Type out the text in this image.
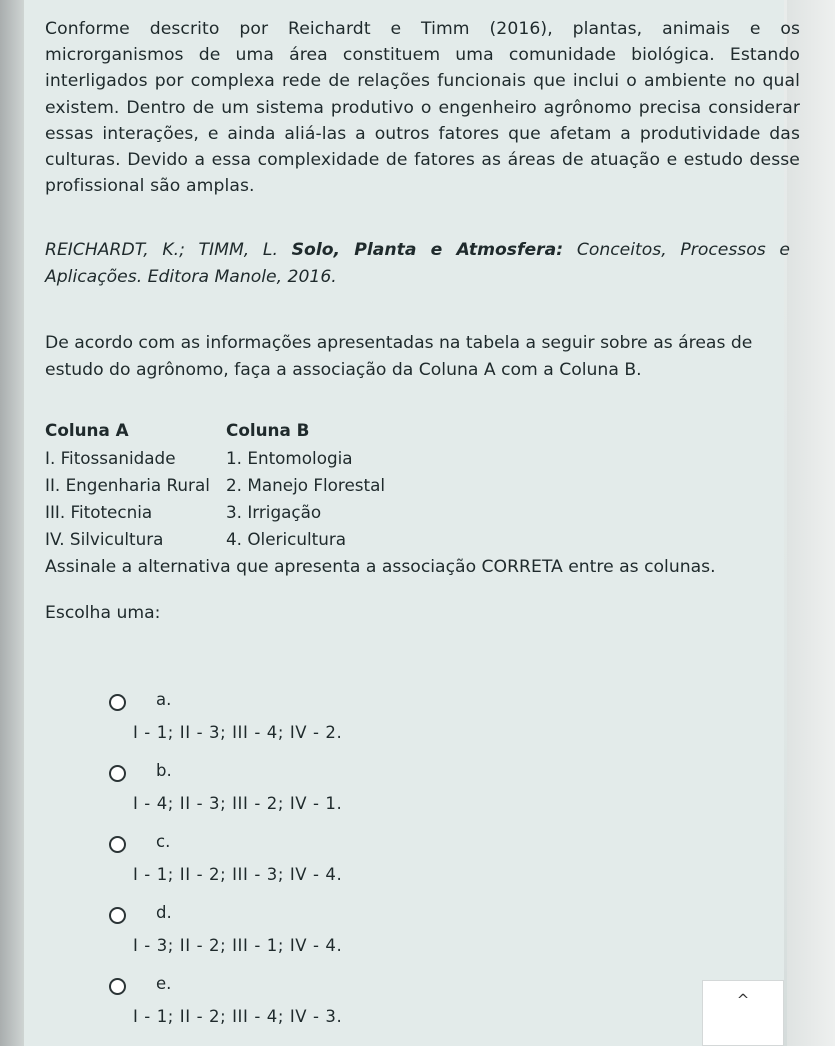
Conforme descrito por Reichardt e Timm (2016), plantas, animais e os microrganismos de uma área constituem uma comunidade biológica. Estando interligados por complexa rede de relações funcionais que inclui o ambiente no qual existem. Dentro de um sistema produtivo o engenheiro agrônomo precisa considerar essas interações, e ainda aliá-las a outros fatores que afetam a produtividade das culturas. Devido a essa complexidade de fatores as áreas de atuação e estudo desse profissional são amplas.

REICHARDT, K.; TIMM, L. Solo, Planta e Atmosfera: Conceitos, Processos e Aplicações. Editora Manole, 2016.

De acordo com as informações apresentadas na tabela a seguir sobre as áreas de estudo do agrônomo, faça a associação da Coluna A com a Coluna B.

Coluna A	Coluna B
I. Fitossanidade	1. Entomologia
II. Engenharia Rural	2. Manejo Florestal
III. Fitotecnia	3. Irrigação
IV. Silvicultura	4. Olericultura

Assinale a alternativa que apresenta a associação CORRETA entre as colunas.

Escolha uma:

a.
I - 1; II - 3; III - 4; IV - 2.
b.
I - 4; II - 3; III - 2; IV - 1.
c.
I - 1; II - 2; III - 3; IV - 4.
d.
I - 3; II - 2; III - 1; IV - 4.
e.
I - 1; II - 2; III - 4; IV - 3.
^
